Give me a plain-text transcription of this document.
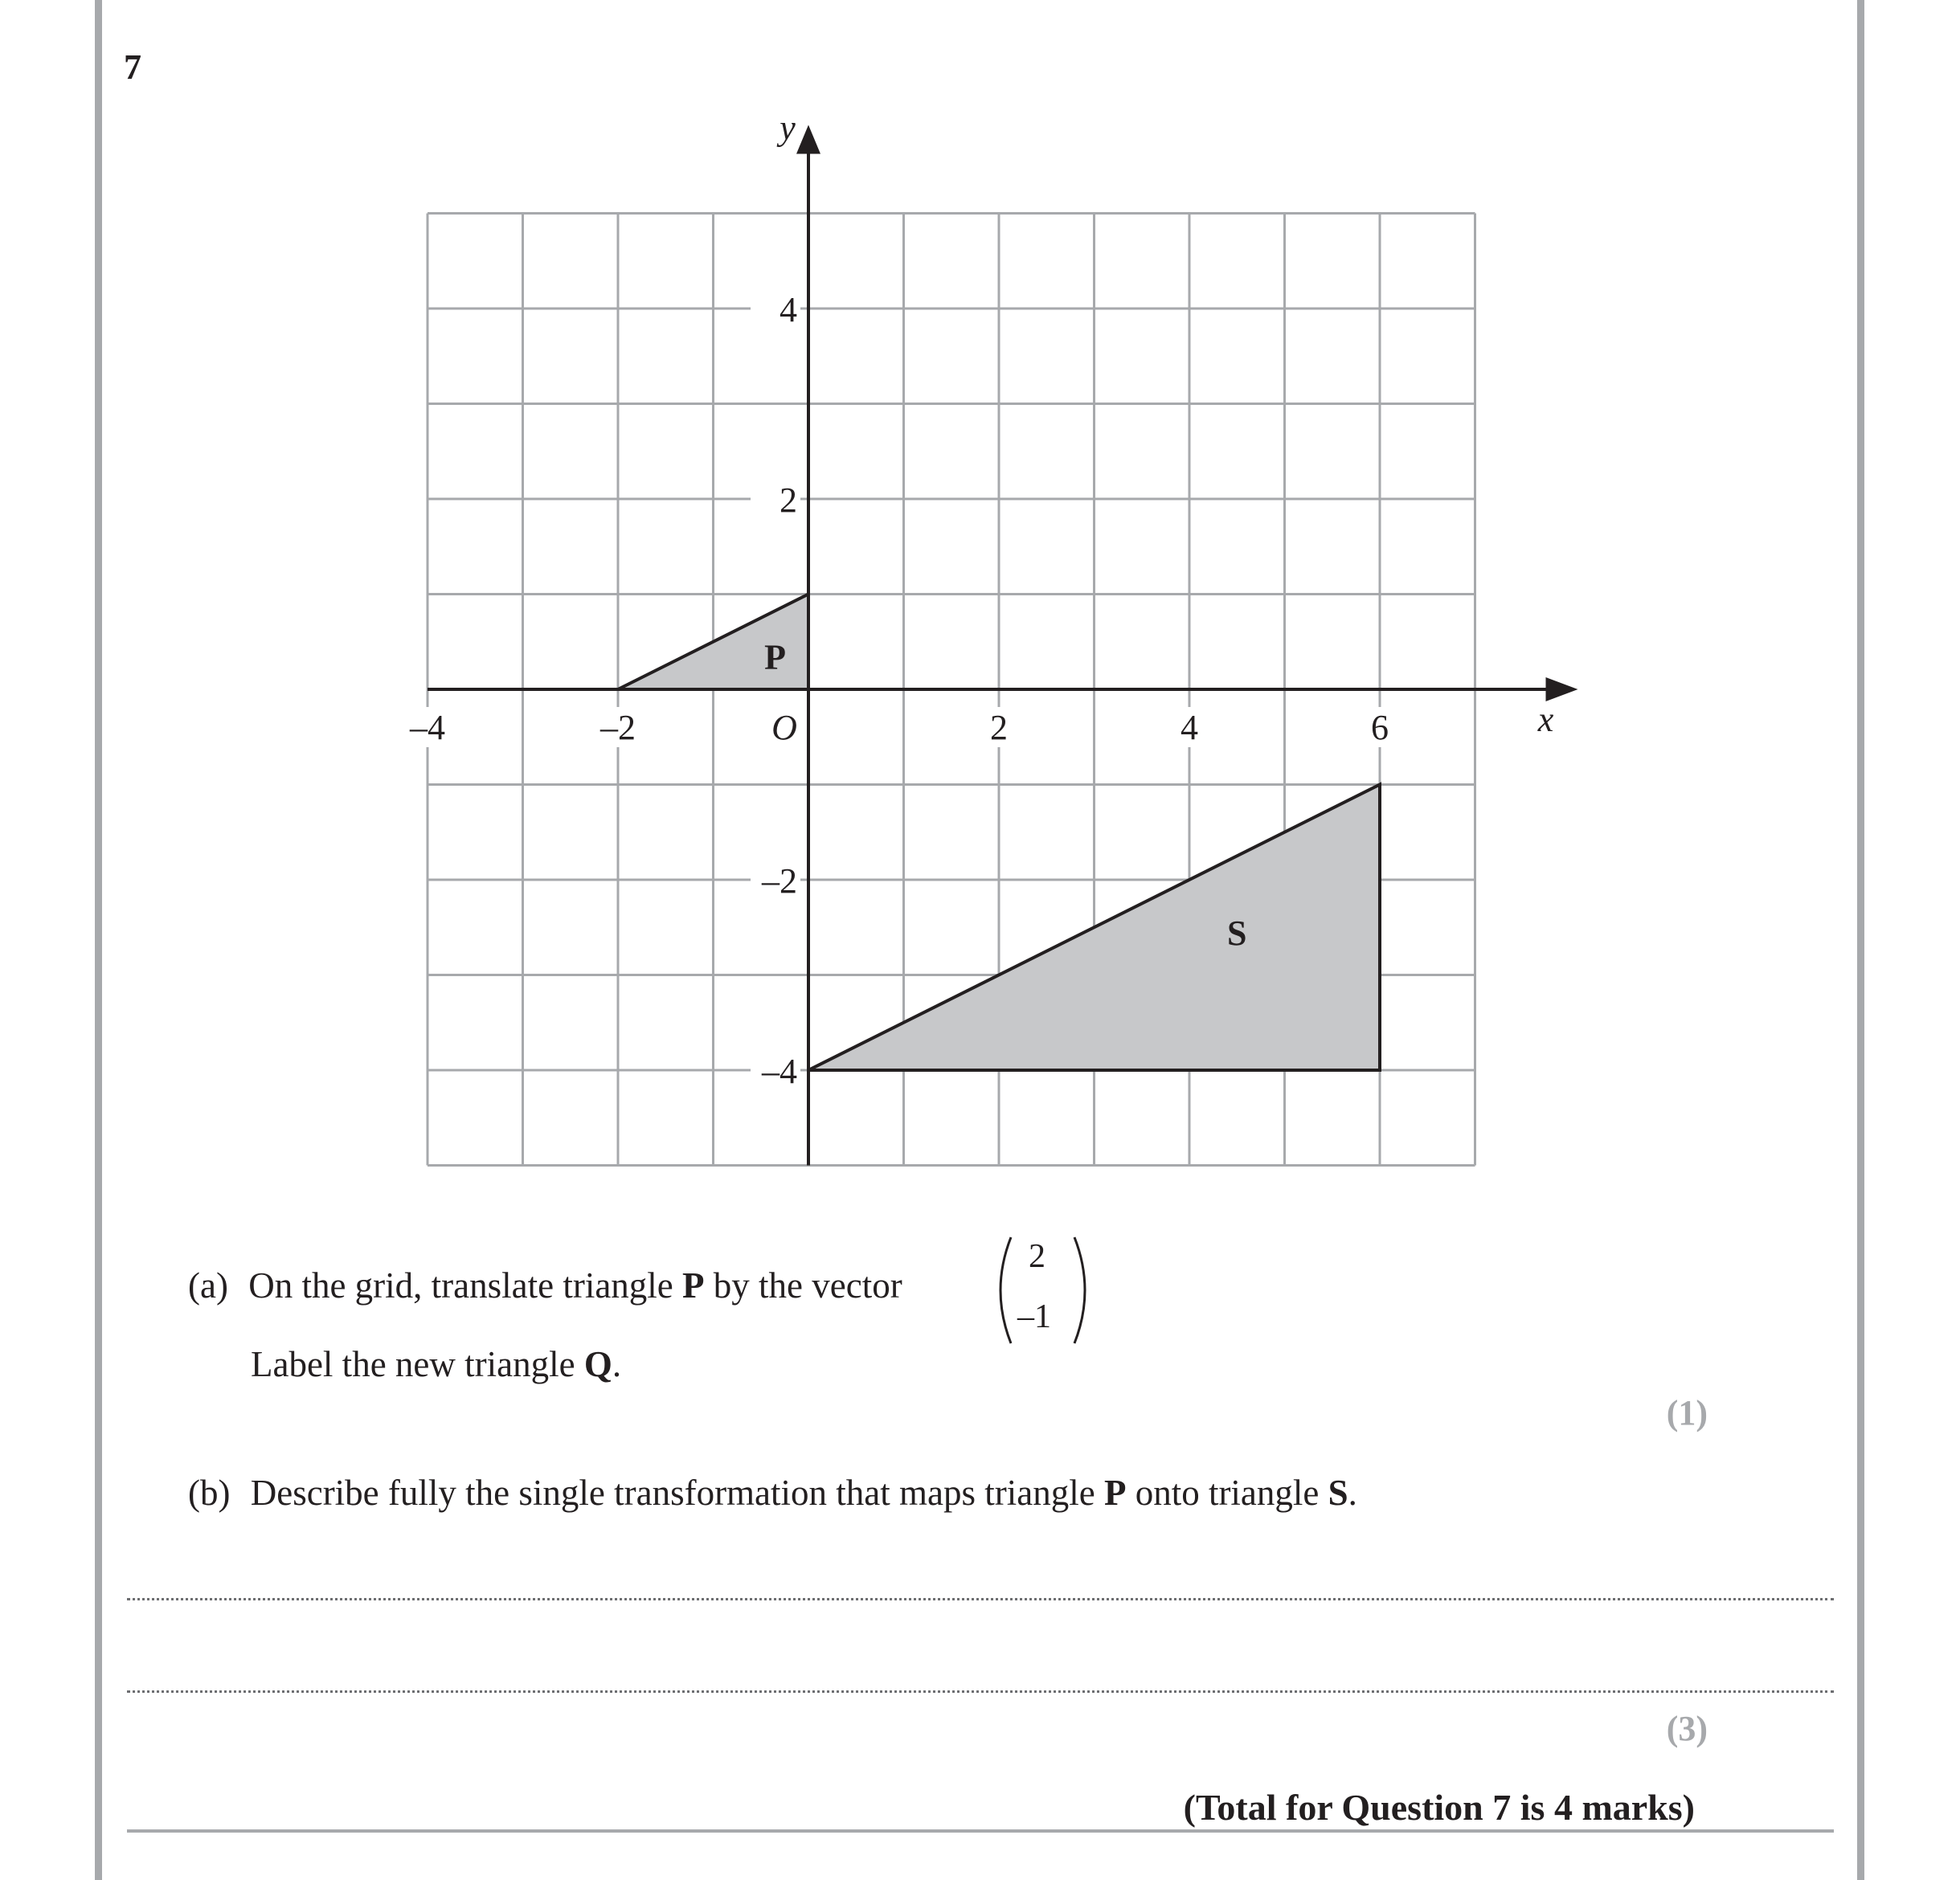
7
–4	–2	2	4	6
4
2
–2
–4
O	x
y
P
S
(a) On the grid, translate triangle P by the vector
2
–1
Label the new triangle Q.
(1)
(b) Describe fully the single transformation that maps triangle P onto triangle S.
(3)
(Total for Question 7 is 4 marks)
